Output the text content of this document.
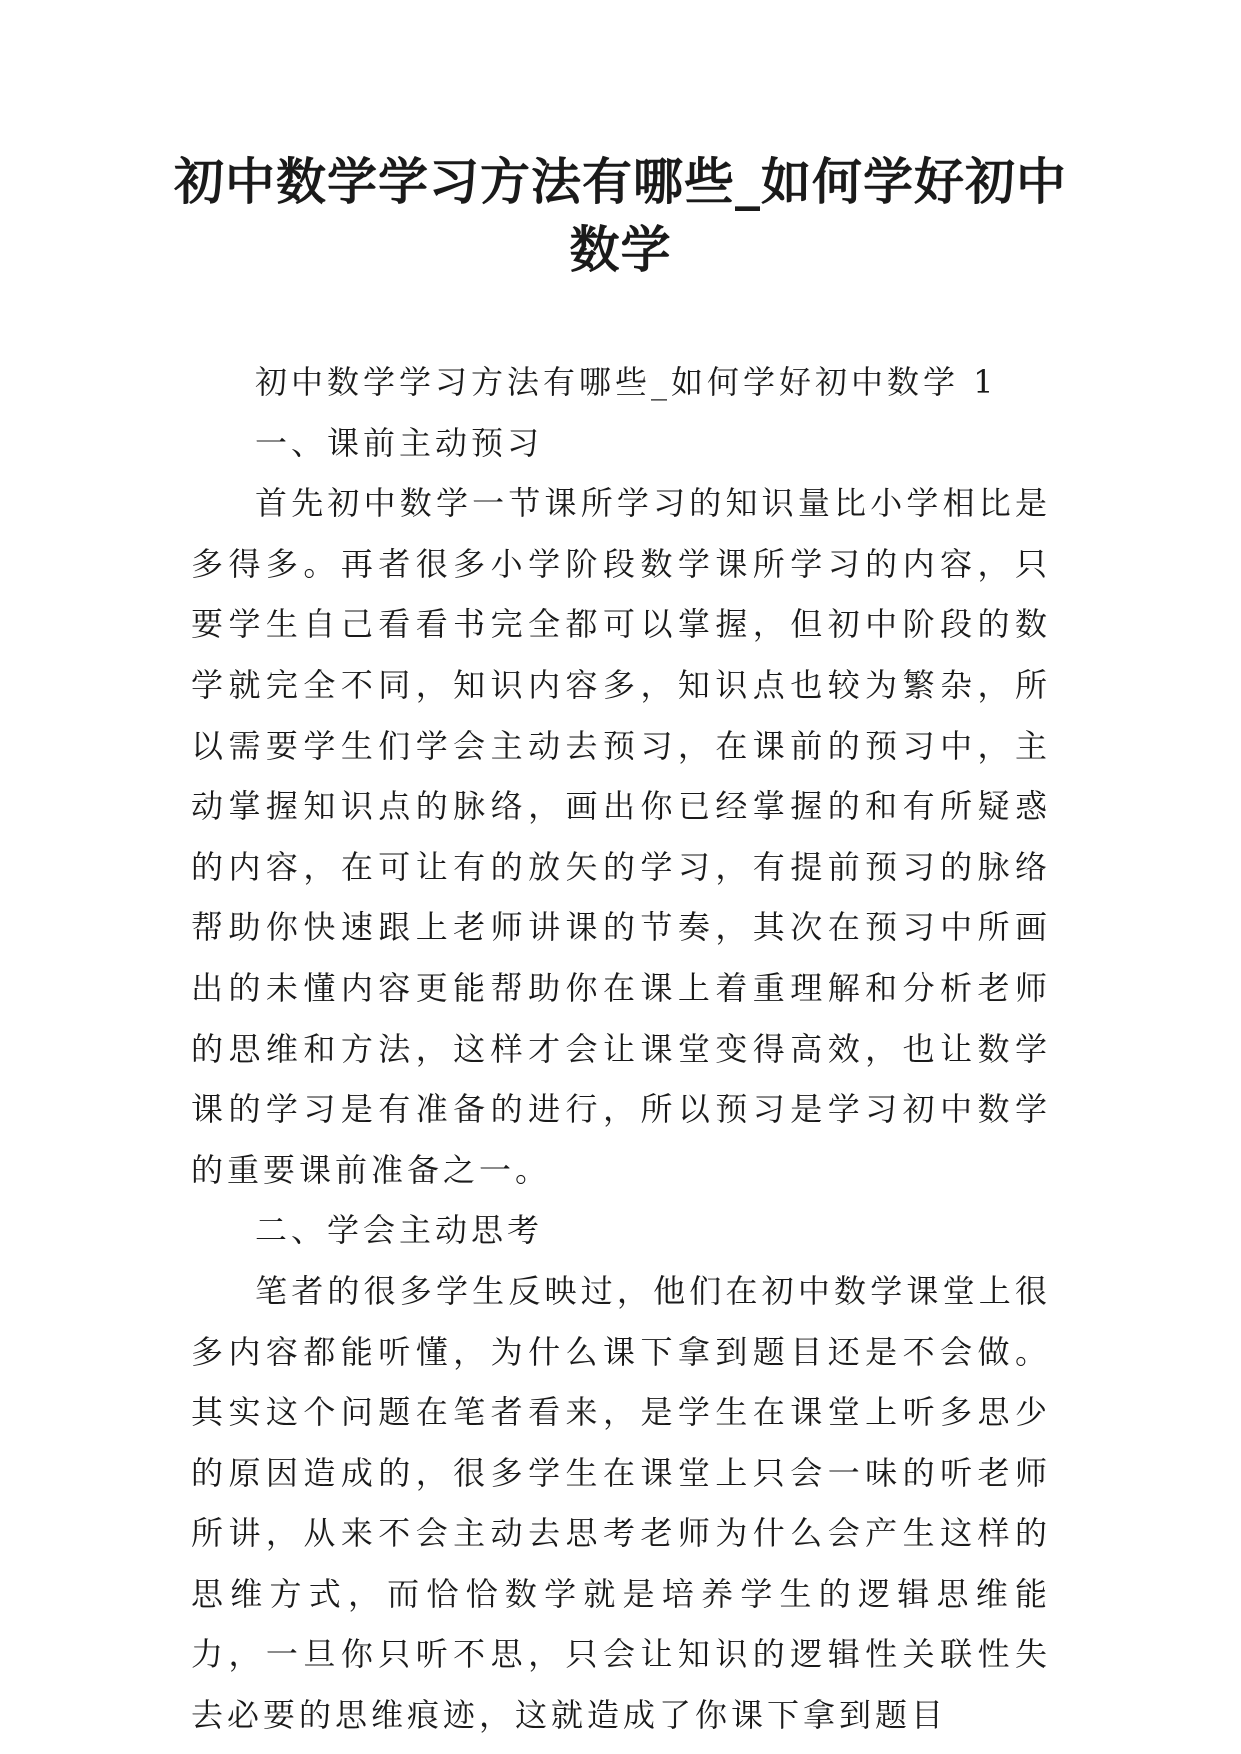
初中数学学习方法有哪些_如何学好初中数学

初中数学学习方法有哪些_如何学好初中数学 1

一、课前主动预习

首先初中数学一节课所学习的知识量比小学相比是多得多。再者很多小学阶段数学课所学习的内容，只要学生自己看看书完全都可以掌握，但初中阶段的数学就完全不同，知识内容多，知识点也较为繁杂，所以需要学生们学会主动去预习，在课前的预习中，主动掌握知识点的脉络，画出你已经掌握的和有所疑惑的内容，在可让有的放矢的学习，有提前预习的脉络帮助你快速跟上老师讲课的节奏，其次在预习中所画出的未懂内容更能帮助你在课上着重理解和分析老师的思维和方法，这样才会让课堂变得高效，也让数学课的学习是有准备的进行，所以预习是学习初中数学的重要课前准备之一。

二、学会主动思考

笔者的很多学生反映过，他们在初中数学课堂上很多内容都能听懂，为什么课下拿到题目还是不会做。其实这个问题在笔者看来，是学生在课堂上听多思少的原因造成的，很多学生在课堂上只会一味的听老师所讲，从来不会主动去思考老师为什么会产生这样的思维方式，而恰恰数学就是培养学生的逻辑思维能力，一旦你只听不思，只会让知识的逻辑性关联性失去必要的思维痕迹，这就造成了你课下拿到题目
